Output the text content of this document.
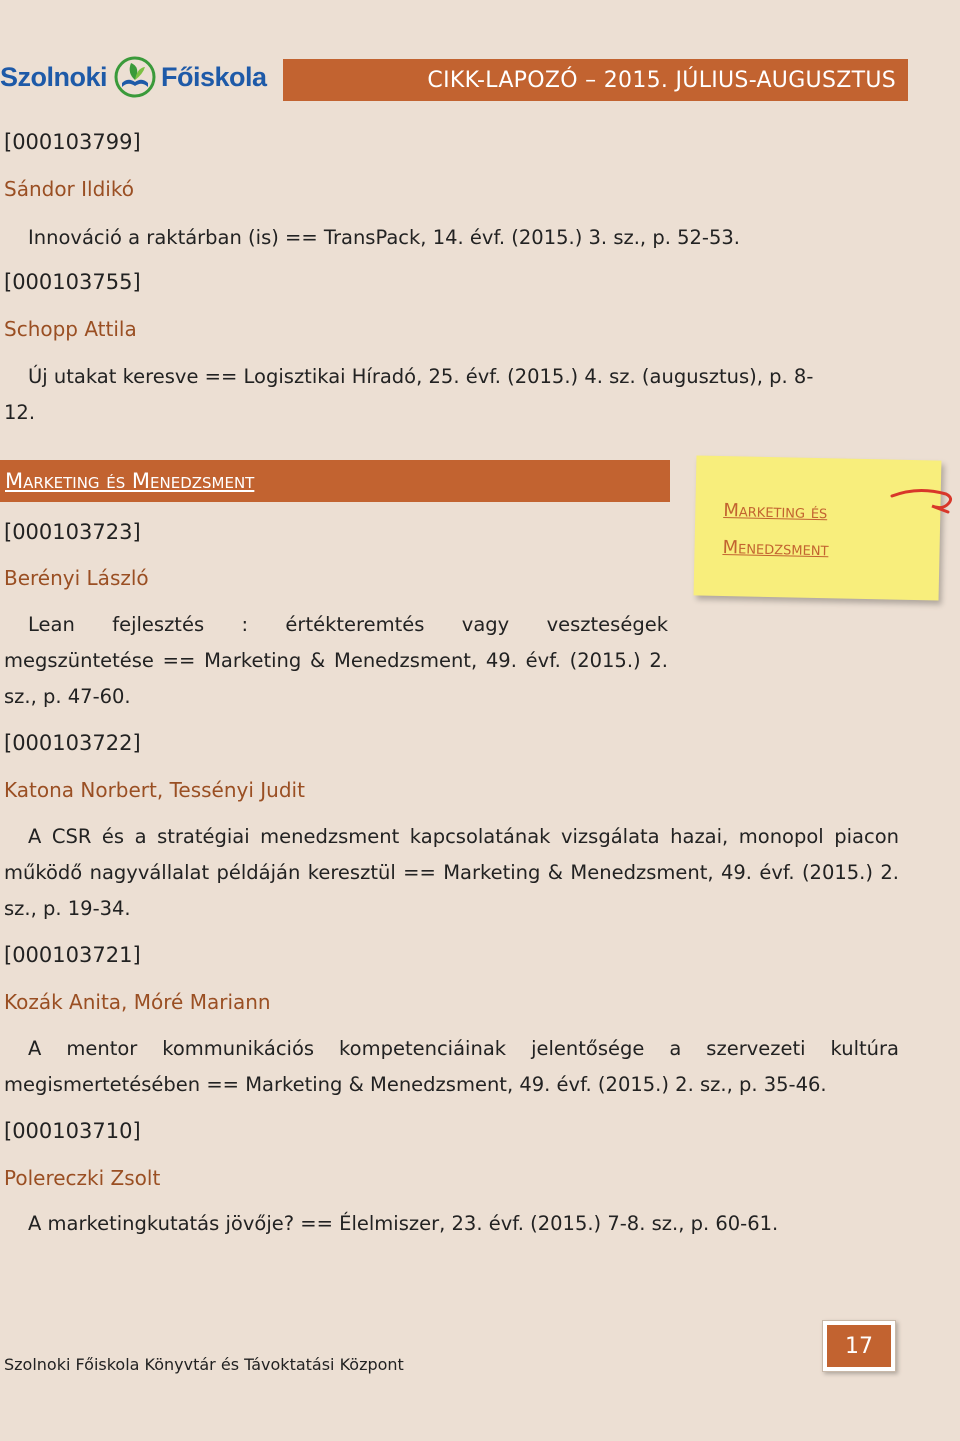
Szolnoki Főiskola	CIKK-LAPOZÓ – 2015. JÚLIUS-AUGUSZTUS
[000103799]
Sándor Ildikó
Innováció a raktárban (is) == TransPack, 14. évf. (2015.) 3. sz., p. 52-53.
[000103755]
Schopp Attila
Új utakat keresve == Logisztikai Híradó, 25. évf. (2015.) 4. sz. (augusztus), p. 8-
12.
Marketing és Menedzsment
Marketing és
Menedzsment
[000103723]
Berényi László
Lean fejlesztés : értékteremtés vagy veszteségek megszüntetése == Marketing & Menedzsment, 49. évf. (2015.) 2. sz., p. 47-60.
[000103722]
Katona Norbert, Tessényi Judit
A CSR és a stratégiai menedzsment kapcsolatának vizsgálata hazai, monopol piacon működő nagyvállalat példáján keresztül == Marketing & Menedzsment, 49. évf. (2015.) 2. sz., p. 19-34.
[000103721]
Kozák Anita, Móré Mariann
A mentor kommunikációs kompetenciáinak jelentősége a szervezeti kultúra megismertetésében == Marketing & Menedzsment, 49. évf. (2015.) 2. sz., p. 35-46.
[000103710]
Polereczki Zsolt
A marketingkutatás jövője? == Élelmiszer, 23. évf. (2015.) 7-8. sz., p. 60-61.
Szolnoki Főiskola Könyvtár és Távoktatási Központ
17
